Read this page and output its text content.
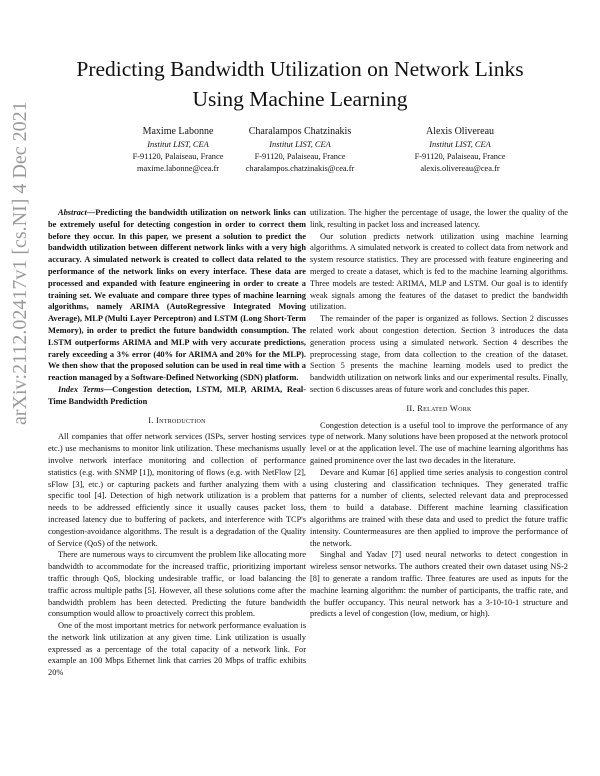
arXiv:2112.02417v1 [cs.NI] 4 Dec 2021
Predicting Bandwidth Utilization on Network Links Using Machine Learning
Maxime Labonne
Institut LIST, CEA
F-91120, Palaiseau, France
maxime.labonne@cea.fr
Charalampos Chatzinakis
Institut LIST, CEA
F-91120, Palaiseau, France
charalampos.chatzinakis@cea.fr
Alexis Olivereau
Institut LIST, CEA
F-91120, Palaiseau, France
alexis.olivereau@cea.fr

Abstract—Predicting the bandwidth utilization on network links can be extremely useful for detecting congestion in order to correct them before they occur. In this paper, we present a solution to predict the bandwidth utilization between different network links with a very high accuracy. A simulated network is created to collect data related to the performance of the network links on every interface. These data are processed and expanded with feature engineering in order to create a training set. We evaluate and compare three types of machine learning algorithms, namely ARIMA (AutoRegressive Integrated Moving Average), MLP (Multi Layer Perceptron) and LSTM (Long Short-Term Memory), in order to predict the future bandwidth consumption. The LSTM outperforms ARIMA and MLP with very accurate predictions, rarely exceeding a 3% error (40% for ARIMA and 20% for the MLP). We then show that the proposed solution can be used in real time with a reaction managed by a Software-Defined Networking (SDN) platform.

Index Terms—Congestion detection, LSTM, MLP, ARIMA, Real-Time Bandwidth Prediction

I. Introduction

All companies that offer network services (ISPs, server hosting services etc.) use mechanisms to monitor link utilization. These mechanisms usually involve network interface monitoring and collection of performance statistics (e.g. with SNMP [1]), monitoring of flows (e.g. with NetFlow [2], sFlow [3], etc.) or capturing packets and further analyzing them with a specific tool [4]. Detection of high network utilization is a problem that needs to be addressed efficiently since it usually causes packet loss, increased latency due to buffering of packets, and interference with TCP's congestion-avoidance algorithms. The result is a degradation of the Quality of Service (QoS) of the network.

There are numerous ways to circumvent the problem like allocating more bandwidth to accommodate for the increased traffic, prioritizing important traffic through QoS, blocking undesirable traffic, or load balancing the traffic across multiple paths [5]. However, all these solutions come after the bandwidth problem has been detected. Predicting the future bandwidth consumption would allow to proactively correct this problem.

One of the most important metrics for network performance evaluation is the network link utilization at any given time. Link utilization is usually expressed as a percentage of the total capacity of a network link. For example an 100 Mbps Ethernet link that carries 20 Mbps of traffic exhibits 20%

utilization. The higher the percentage of usage, the lower the quality of the link, resulting in packet loss and increased latency.

Our solution predicts network utilization using machine learning algorithms. A simulated network is created to collect data from network and system resource statistics. They are processed with feature engineering and merged to create a dataset, which is fed to the machine learning algorithms. Three models are tested: ARIMA, MLP and LSTM. Our goal is to identify weak signals among the features of the dataset to predict the bandwidth utilization.

The remainder of the paper is organized as follows. Section 2 discusses related work about congestion detection. Section 3 introduces the data generation process using a simulated network. Section 4 describes the preprocessing stage, from data collection to the creation of the dataset. Section 5 presents the machine learning models used to predict the bandwidth utilization on network links and our experimental results. Finally, section 6 discusses areas of future work and concludes this paper.

II. Related Work

Congestion detection is a useful tool to improve the performance of any type of network. Many solutions have been proposed at the network protocol level or at the application level. The use of machine learning algorithms has gained prominence over the last two decades in the literature.

Devare and Kumar [6] applied time series analysis to congestion control using clustering and classification techniques. They generated traffic patterns for a number of clients, selected relevant data and preprocessed them to build a database. Different machine learning classification algorithms are trained with these data and used to predict the future traffic intensity. Countermeasures are then applied to improve the performance of the network.

Singhal and Yadav [7] used neural networks to detect congestion in wireless sensor networks. The authors created their own dataset using NS-2 [8] to generate a random traffic. Three features are used as inputs for the machine learning algorithm: the number of participants, the traffic rate, and the buffer occupancy. This neural network has a 3-10-10-1 structure and predicts a level of congestion (low, medium, or high).
